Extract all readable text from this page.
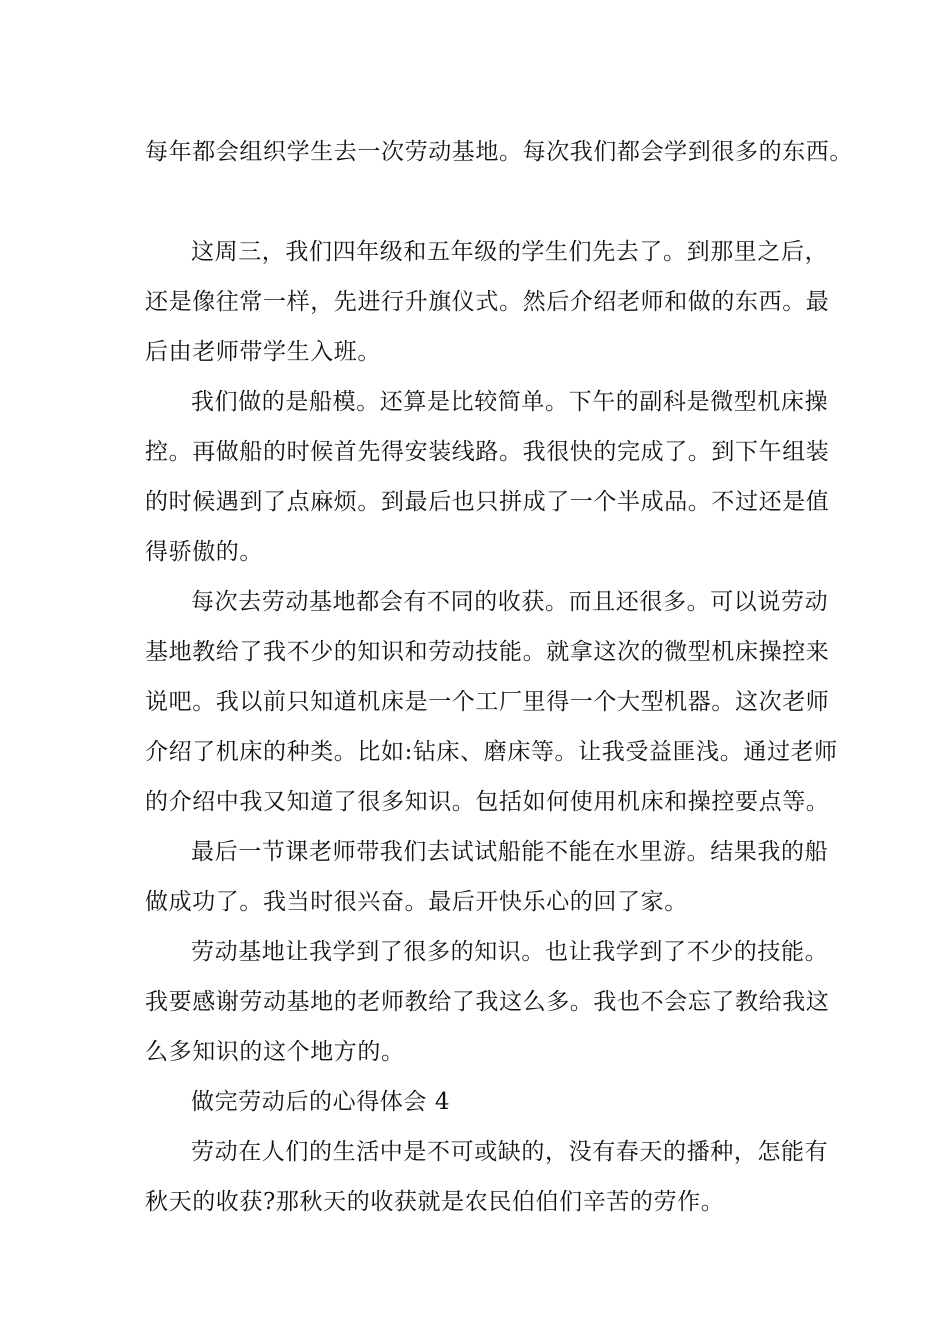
每年都会组织学生去一次劳动基地。每次我们都会学到很多的东西。
这周三，我们四年级和五年级的学生们先去了。到那里之后，
还是像往常一样，先进行升旗仪式。然后介绍老师和做的东西。最
后由老师带学生入班。
我们做的是船模。还算是比较简单。下午的副科是微型机床操
控。再做船的时候首先得安装线路。我很快的完成了。到下午组装
的时候遇到了点麻烦。到最后也只拼成了一个半成品。不过还是值
得骄傲的。
每次去劳动基地都会有不同的收获。而且还很多。可以说劳动
基地教给了我不少的知识和劳动技能。就拿这次的微型机床操控来
说吧。我以前只知道机床是一个工厂里得一个大型机器。这次老师
介绍了机床的种类。比如:钻床、磨床等。让我受益匪浅。通过老师
的介绍中我又知道了很多知识。包括如何使用机床和操控要点等。
最后一节课老师带我们去试试船能不能在水里游。结果我的船
做成功了。我当时很兴奋。最后开快乐心的回了家。
劳动基地让我学到了很多的知识。也让我学到了不少的技能。
我要感谢劳动基地的老师教给了我这么多。我也不会忘了教给我这
么多知识的这个地方的。
做完劳动后的心得体会 4
劳动在人们的生活中是不可或缺的，没有春天的播种，怎能有
秋天的收获?那秋天的收获就是农民伯伯们辛苦的劳作。
